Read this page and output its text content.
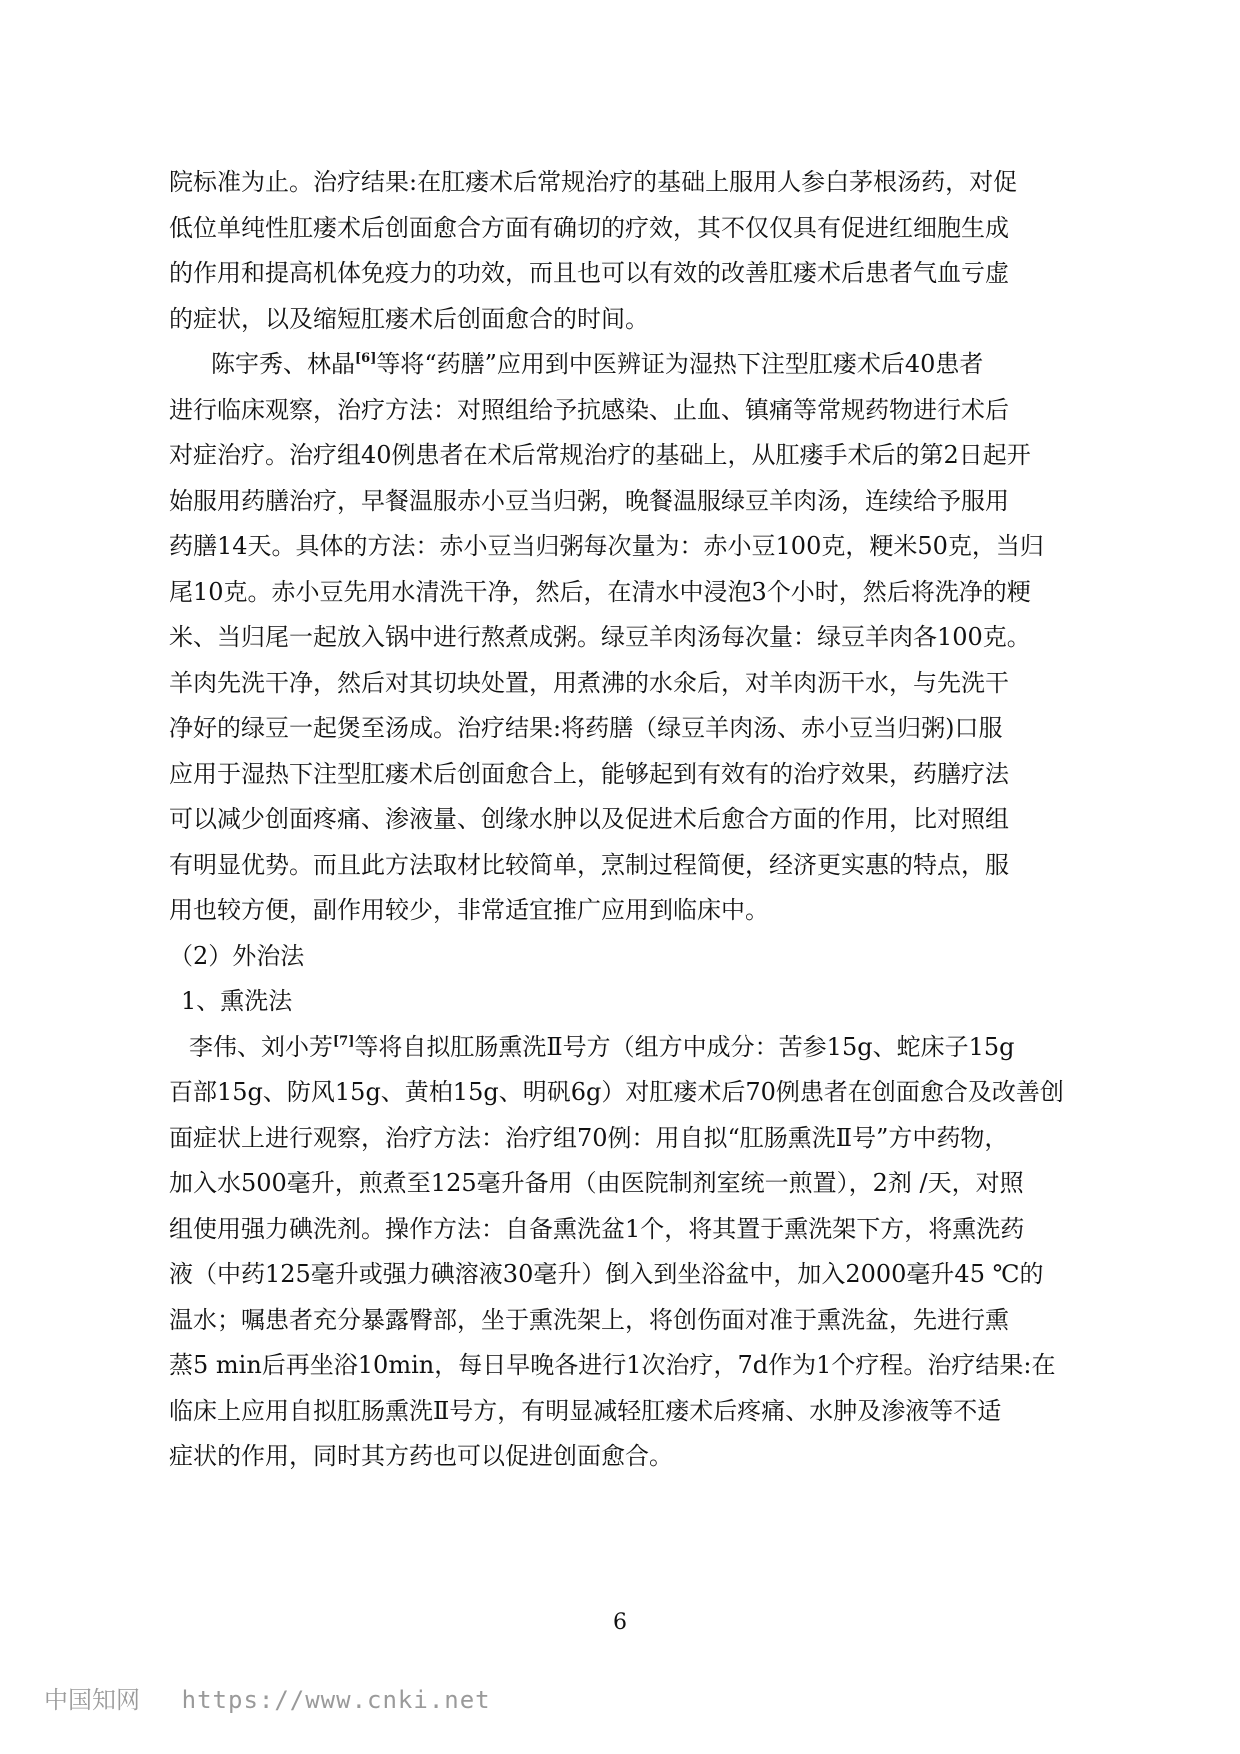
院标准为止。治疗结果:在肛瘘术后常规治疗的基础上服用人参白茅根汤药，对促
低位单纯性肛瘘术后创面愈合方面有确切的疗效，其不仅仅具有促进红细胞生成
的作用和提高机体免疫力的功效，而且也可以有效的改善肛瘘术后患者气血亏虚
的症状，以及缩短肛瘘术后创面愈合的时间。

陈宇秀、林晶[6]等将“药膳”应用到中医辨证为湿热下注型肛瘘术后40患者
进行临床观察，治疗方法：对照组给予抗感染、止血、镇痛等常规药物进行术后
对症治疗。治疗组40例患者在术后常规治疗的基础上，从肛瘘手术后的第2日起开
始服用药膳治疗，早餐温服赤小豆当归粥，晚餐温服绿豆羊肉汤，连续给予服用
药膳14天。具体的方法：赤小豆当归粥每次量为：赤小豆100克，粳米50克，当归
尾10克。赤小豆先用水清洗干净，然后，在清水中浸泡3个小时，然后将洗净的粳
米、当归尾一起放入锅中进行熬煮成粥。绿豆羊肉汤每次量：绿豆羊肉各100克。
羊肉先洗干净，然后对其切块处置，用煮沸的水氽后，对羊肉沥干水，与先洗干
净好的绿豆一起煲至汤成。治疗结果:将药膳（绿豆羊肉汤、赤小豆当归粥)口服
应用于湿热下注型肛瘘术后创面愈合上，能够起到有效有的治疗效果，药膳疗法
可以减少创面疼痛、渗液量、创缘水肿以及促进术后愈合方面的作用，比对照组
有明显优势。而且此方法取材比较简单，烹制过程简便，经济更实惠的特点，服
用也较方便，副作用较少，非常适宜推广应用到临床中。

（2）外治法

1、熏洗法

李伟、刘小芳[7]等将自拟肛肠熏洗Ⅱ号方（组方中成分：苦参15g、蛇床子15g
百部15g、防风15g、黄柏15g、明矾6g）对肛瘘术后70例患者在创面愈合及改善创
面症状上进行观察，治疗方法：治疗组70例：用自拟“肛肠熏洗Ⅱ号”方中药物，
加入水500毫升，煎煮至125毫升备用（由医院制剂室统一煎置），2剂 /天，对照
组使用强力碘洗剂。操作方法：自备熏洗盆1个，将其置于熏洗架下方，将熏洗药
液（中药125毫升或强力碘溶液30毫升）倒入到坐浴盆中，加入2000毫升45 ℃的
温水；嘱患者充分暴露臀部，坐于熏洗架上，将创伤面对准于熏洗盆，先进行熏
蒸5 min后再坐浴10min，每日早晚各进行1次治疗，7d作为1个疗程。治疗结果:在
临床上应用自拟肛肠熏洗Ⅱ号方，有明显减轻肛瘘术后疼痛、水肿及渗液等不适
症状的作用，同时其方药也可以促进创面愈合。

6
中国知网 https://www.cnki.net
